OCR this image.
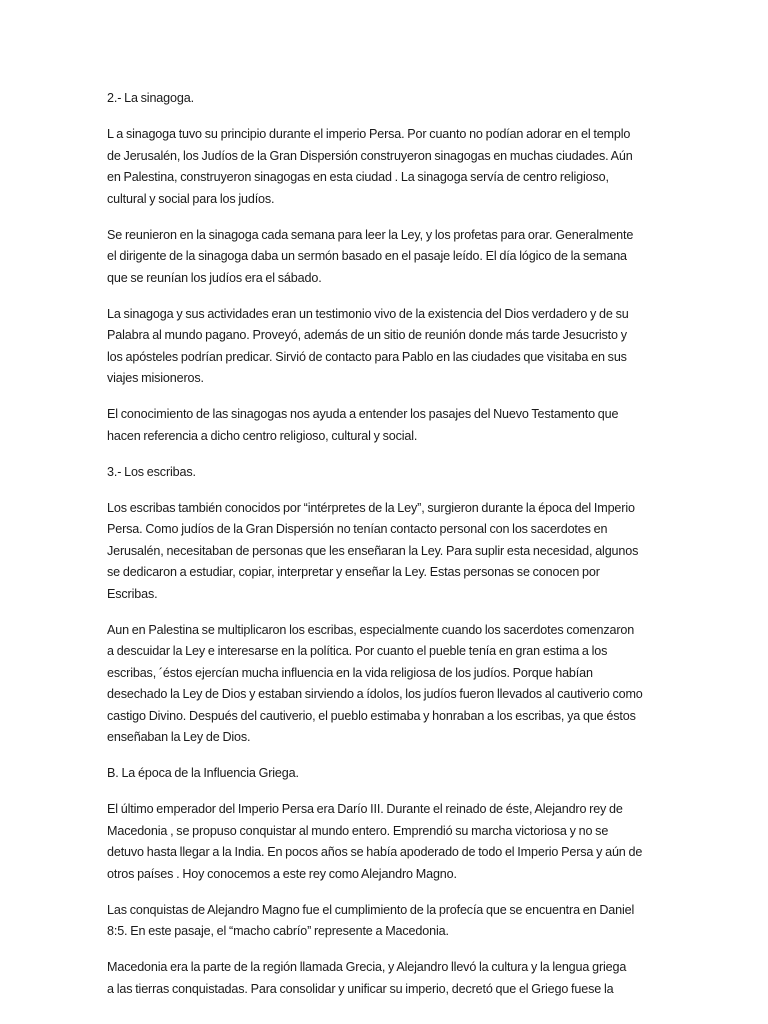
2.- La sinagoga.

L a sinagoga tuvo su principio durante el imperio Persa. Por cuanto no podían adorar en el templo
de Jerusalén, los Judíos de la Gran Dispersión construyeron sinagogas en muchas ciudades. Aún
en Palestina, construyeron sinagogas en esta ciudad . La sinagoga servía de centro religioso,
cultural y social para los judíos.

Se reunieron en la sinagoga cada semana para leer la Ley, y los profetas para orar. Generalmente
el dirigente de la sinagoga daba un sermón basado en el pasaje leído. El día lógico de la semana
que se reunían los judíos era el sábado.

La sinagoga y sus actividades eran un testimonio vivo de la existencia del Dios verdadero y de su
Palabra al mundo pagano. Proveyó, además de un sitio de reunión donde más tarde Jesucristo y
los apósteles podrían predicar. Sirvió de contacto para Pablo en las ciudades que visitaba en sus
viajes misioneros.

El conocimiento de las sinagogas nos ayuda a entender los pasajes del Nuevo Testamento que
hacen referencia a dicho centro religioso, cultural y social.

3.- Los escribas.

Los escribas también conocidos por “intérpretes de la Ley”, surgieron durante la época del Imperio
Persa. Como judíos de la Gran Dispersión no tenían contacto personal con los sacerdotes en
Jerusalén, necesitaban de personas que les enseñaran la Ley. Para suplir esta necesidad, algunos
se dedicaron a estudiar, copiar, interpretar y enseñar la Ley. Estas personas se conocen por
Escribas.

Aun en Palestina se multiplicaron los escribas, especialmente cuando los sacerdotes comenzaron
a descuidar la Ley e interesarse en la política. Por cuanto el pueble tenía en gran estima a los
escribas, ´éstos ejercían mucha influencia en la vida religiosa de los judíos. Porque habían
desechado la Ley de Dios y estaban sirviendo a ídolos, los judíos fueron llevados al cautiverio como
castigo Divino. Después del cautiverio, el pueblo estimaba y honraban a los escribas, ya que éstos
enseñaban la Ley de Dios.

B. La época de la Influencia Griega.

El último emperador del Imperio Persa era Darío III. Durante el reinado de éste, Alejandro rey de
Macedonia , se propuso conquistar al mundo entero. Emprendió su marcha victoriosa y no se
detuvo hasta llegar a la India. En pocos años se había apoderado de todo el Imperio Persa y aún de
otros países . Hoy conocemos a este rey como Alejandro Magno.

Las conquistas de Alejandro Magno fue el cumplimiento de la profecía que se encuentra en Daniel
8:5. En este pasaje, el “macho cabrío” represente a Macedonia.

Macedonia era la parte de la región llamada Grecia, y Alejandro llevó la cultura y la lengua griega
a las tierras conquistadas. Para consolidar y unificar su imperio, decretó que el Griego fuese la
